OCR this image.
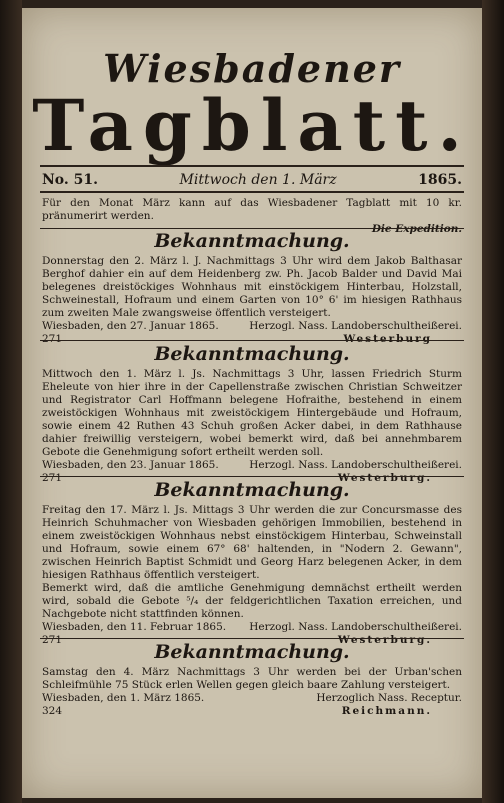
Wiesbadener
Tagblatt.
No. 51.	Mittwoch den 1. März	1865.
Für den Monat März kann auf das Wiesbadener Tagblatt mit 10 kr. pränumerirt werden.
Die Expedition.
Bekanntmachung.
Donnerstag den 2. März l. J. Nachmittags 3 Uhr wird dem Jakob Balthasar Berghof dahier ein auf dem Heidenberg zw. Ph. Jacob Balder und David Mai belegenes dreistöckiges Wohnhaus mit einstöckigem Hinterbau, Holzstall, Schweinestall, Hofraum und einem Garten von 10° 6' im hiesigen Rathhaus zum zweiten Male zwangsweise öffentlich versteigert.
Wiesbaden, den 27. Januar 1865.	Herzogl. Nass. Landoberschultheißerei.
271	Westerburg
Bekanntmachung.
Mittwoch den 1. März l. Js. Nachmittags 3 Uhr, lassen Friedrich Sturm Eheleute von hier ihre in der Capellenstraße zwischen Christian Schweitzer und Registrator Carl Hoffmann belegene Hofraithe, bestehend in einem zweistöckigen Wohnhaus mit zweistöckigem Hintergebäude und Hofraum, sowie einem 42 Ruthen 43 Schuh großen Acker dabei, in dem Rathhause dahier freiwillig versteigern, wobei bemerkt wird, daß bei annehmbarem Gebote die Genehmigung sofort ertheilt werden soll.
Wiesbaden, den 23. Januar 1865.	Herzogl. Nass. Landoberschultheißerei.
271	Westerburg.
Bekanntmachung.
Freitag den 17. März l. Js. Mittags 3 Uhr werden die zur Concursmasse des Heinrich Schuhmacher von Wiesbaden gehörigen Immobilien, bestehend in einem zweistöckigen Wohnhaus nebst einstöckigem Hinterbau, Schweinstall und Hofraum, sowie einem 67° 68' haltenden, in "Nodern 2. Gewann", zwischen Heinrich Baptist Schmidt und Georg Harz belegenen Acker, in dem hiesigen Rathhaus öffentlich versteigert.
Bemerkt wird, daß die amtliche Genehmigung demnächst ertheilt werden wird, sobald die Gebote ⁵/₄ der feldgerichtlichen Taxation erreichen, und Nachgebote nicht stattfinden können.
Wiesbaden, den 11. Februar 1865. Herzogl. Nass. Landoberschultheißerei.
271	Westerburg.
Bekanntmachung.
Samstag den 4. März Nachmittags 3 Uhr werden bei der Urban'schen Schleifmühle 75 Stück erlen Wellen gegen gleich baare Zahlung versteigert.
Wiesbaden, den 1. März 1865.	Herzoglich Nass. Receptur.
324	Reichmann.
